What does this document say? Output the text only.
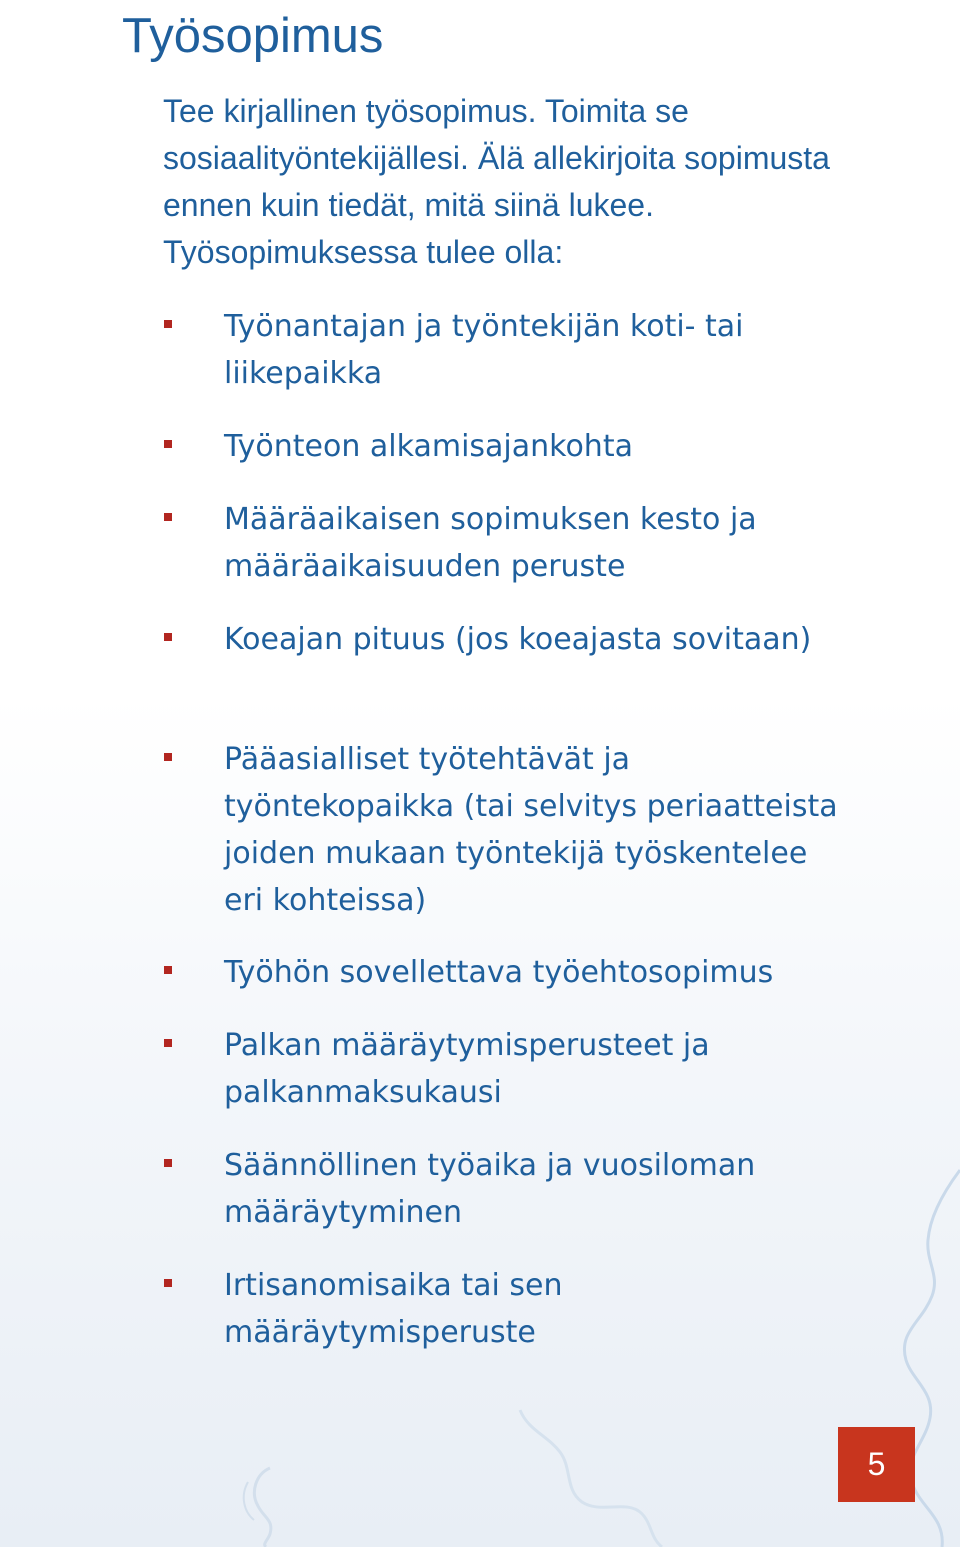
Työsopimus

Tee kirjallinen työsopimus. Toimita se sosiaalityöntekijällesi. Älä allekirjoita sopimusta ennen kuin tiedät, mitä siinä lukee. Työsopimuksessa tulee olla:

Työnantajan ja työntekijän koti- tai liikepaikka
Työnteon alkamisajankohta
Määräaikaisen sopimuksen kesto ja määräaikaisuuden peruste
Koeajan pituus (jos koeajasta sovitaan)
Pääasialliset työtehtävät ja työntekopaikka (tai selvitys periaatteista joiden mukaan työntekijä työskentelee eri kohteissa)
Työhön sovellettava työehtosopimus
Palkan määräytymisperusteet ja palkanmaksukausi
Säännöllinen työaika ja vuosiloman määräytyminen
Irtisanomisaika tai sen määräytymisperuste
5
